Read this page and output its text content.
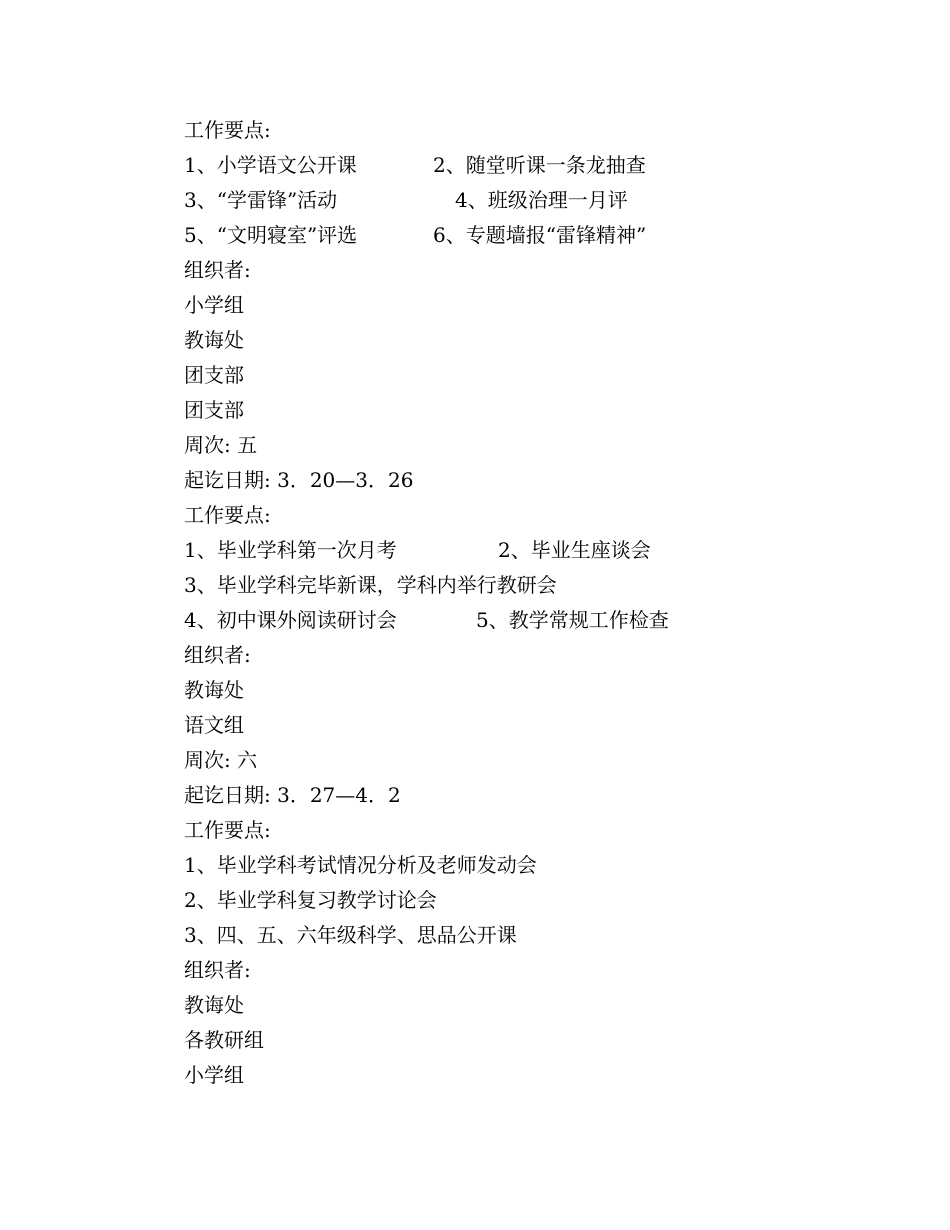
工作要点:
1、小学语文公开课	2、随堂听课一条龙抽查
3、“学雷锋”活动	4、班级治理一月评
5、“文明寝室”评选	6、专题墙报“雷锋精神”
组织者:
小学组
教诲处
团支部
团支部
周次: 五
起讫日期: 3．20—3．26
工作要点:
1、毕业学科第一次月考	2、毕业生座谈会
3、毕业学科完毕新课，学科内举行教研会
4、初中课外阅读研讨会	5、教学常规工作检查
组织者:
教诲处
语文组
周次: 六
起讫日期: 3．27—4．2
工作要点:
1、毕业学科考试情况分析及老师发动会
2、毕业学科复习教学讨论会
3、四、五、六年级科学、思品公开课
组织者:
教诲处
各教研组
小学组
